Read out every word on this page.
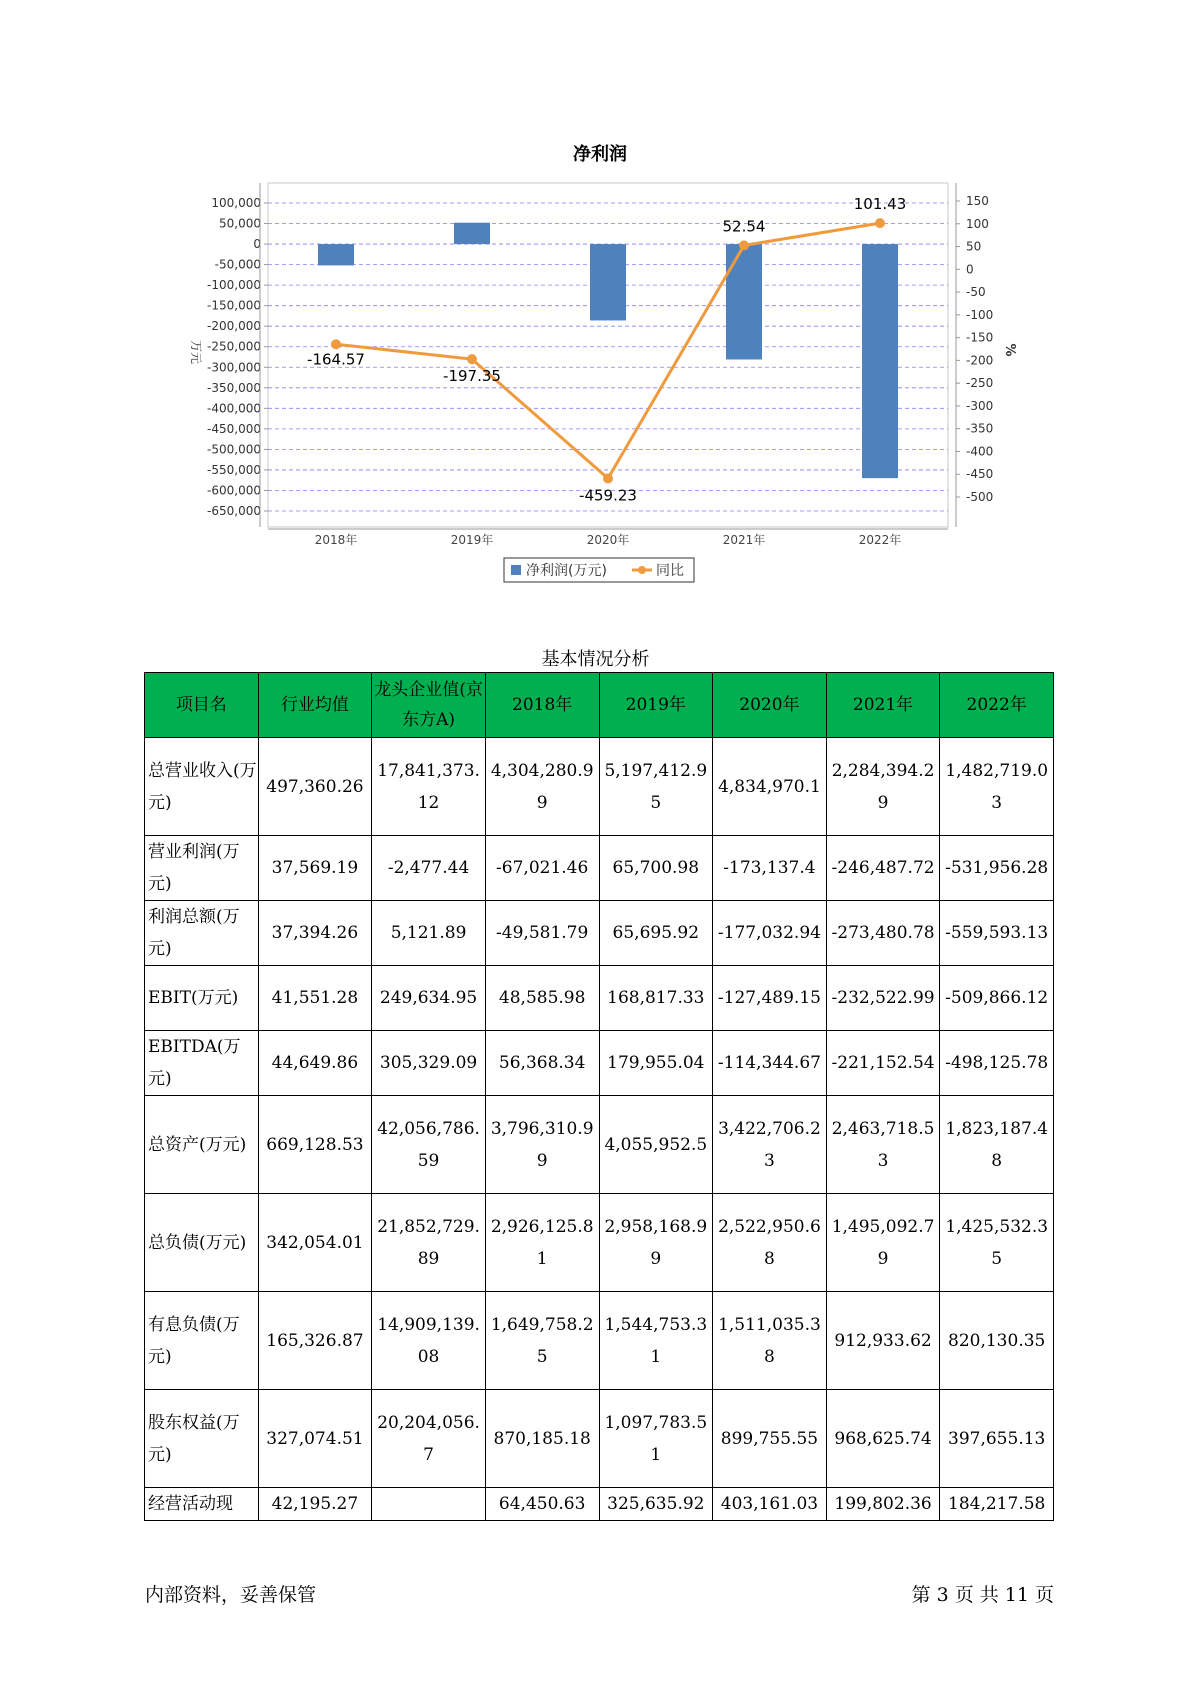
净利润
100,000
50,000
0
-50,000
-100,000
-150,000
-200,000
-250,000
-300,000
-350,000
-400,000
-450,000
-500,000
-550,000
-600,000
-650,000
万元
150
100
50
0
-50
-100
-150
-200
-250
-300
-350
-400
-450
-500
%
2018年	2019年	2020年	2021年	2022年
-164.57
-197.35
-459.23
52.54
101.43
净利润(万元)	同比
基本情况分析
项目名	行业均值	龙头企业值(京东方A)	2018年	2019年	2020年	2021年	2022年
总营业收入(万元)	497,360.26	17,841,373.12	4,304,280.99	5,197,412.95	4,834,970.1	2,284,394.29	1,482,719.03
营业利润(万元)	37,569.19	-2,477.44	-67,021.46	65,700.98	-173,137.4	-246,487.72	-531,956.28
利润总额(万元)	37,394.26	5,121.89	-49,581.79	65,695.92	-177,032.94	-273,480.78	-559,593.13
EBIT(万元)	41,551.28	249,634.95	48,585.98	168,817.33	-127,489.15	-232,522.99	-509,866.12
EBITDA(万元)	44,649.86	305,329.09	56,368.34	179,955.04	-114,344.67	-221,152.54	-498,125.78
总资产(万元)	669,128.53	42,056,786.59	3,796,310.99	4,055,952.5	3,422,706.23	2,463,718.53	1,823,187.48
总负债(万元)	342,054.01	21,852,729.89	2,926,125.81	2,958,168.99	2,522,950.68	1,495,092.79	1,425,532.35
有息负债(万元)	165,326.87	14,909,139.08	1,649,758.25	1,544,753.31	1,511,035.38	912,933.62	820,130.35
股东权益(万元)	327,074.51	20,204,056.7	870,185.18	1,097,783.51	899,755.55	968,625.74	397,655.13
经营活动现	42,195.27		64,450.63	325,635.92	403,161.03	199,802.36	184,217.58
内部资料，妥善保管	第 3 页 共 11 页
